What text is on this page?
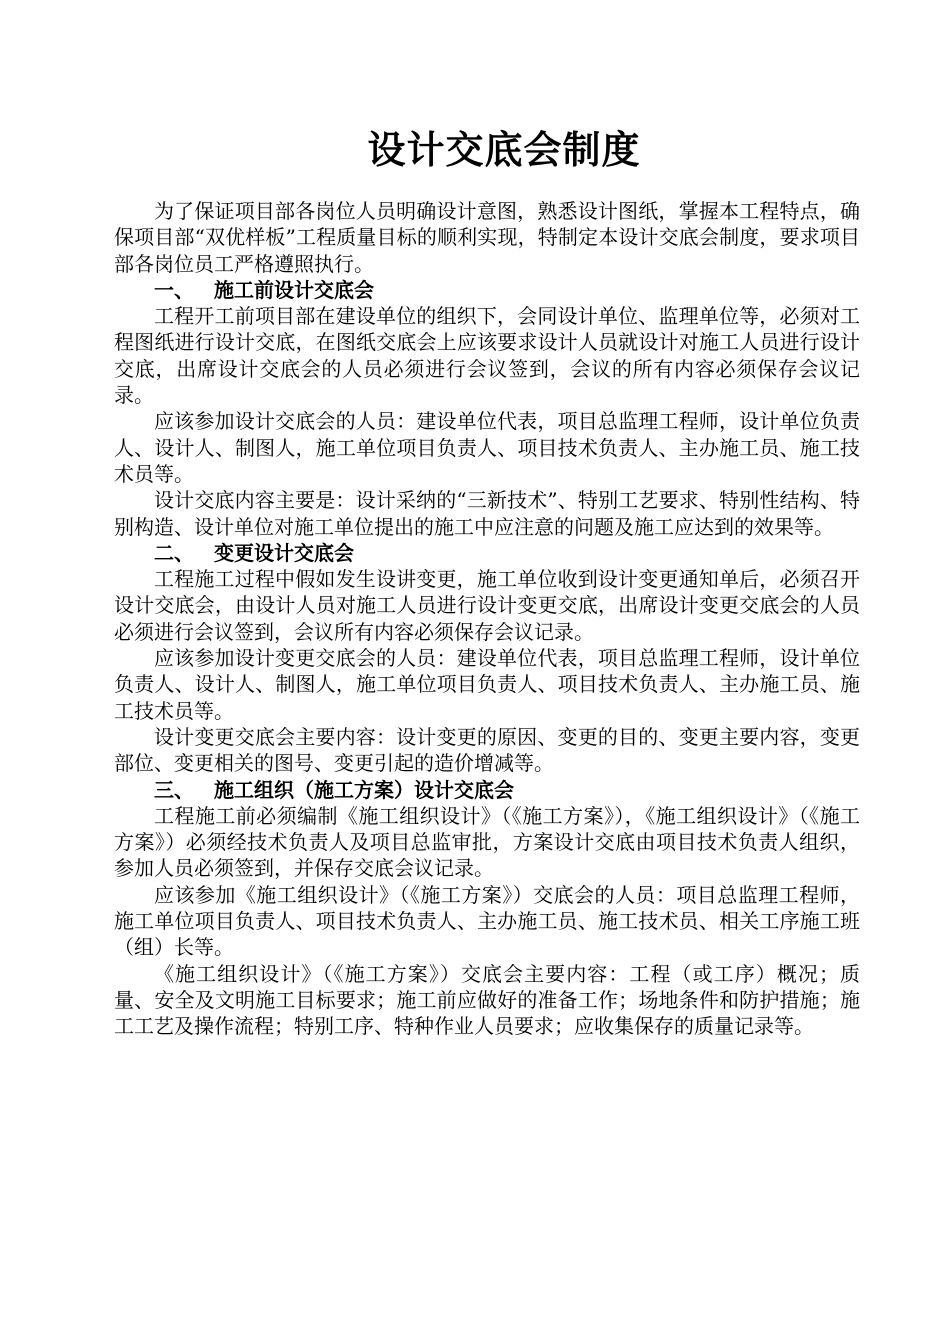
设计交底会制度

为了保证项目部各岗位人员明确设计意图，熟悉设计图纸，掌握本工程特点，确保项目部“双优样板”工程质量目标的顺利实现，特制定本设计交底会制度，要求项目部各岗位员工严格遵照执行。

一、 施工前设计交底会

工程开工前项目部在建设单位的组织下，会同设计单位、监理单位等，必须对工程图纸进行设计交底，在图纸交底会上应该要求设计人员就设计对施工人员进行设计交底，出席设计交底会的人员必须进行会议签到，会议的所有内容必须保存会议记录。

应该参加设计交底会的人员：建设单位代表，项目总监理工程师，设计单位负责人、设计人、制图人，施工单位项目负责人、项目技术负责人、主办施工员、施工技术员等。

设计交底内容主要是：设计采纳的“三新技术”、特别工艺要求、特别性结构、特别构造、设计单位对施工单位提出的施工中应注意的问题及施工应达到的效果等。

二、 变更设计交底会

工程施工过程中假如发生设讲变更，施工单位收到设计变更通知单后，必须召开设计交底会，由设计人员对施工人员进行设计变更交底，出席设计变更交底会的人员必须进行会议签到，会议所有内容必须保存会议记录。

应该参加设计变更交底会的人员：建设单位代表，项目总监理工程师，设计单位负责人、设计人、制图人，施工单位项目负责人、项目技术负责人、主办施工员、施工技术员等。

设计变更交底会主要内容：设计变更的原因、变更的目的、变更主要内容，变更部位、变更相关的图号、变更引起的造价增减等。

三、 施工组织（施工方案）设计交底会

工程施工前必须编制《施工组织设计》（《施工方案》），《施工组织设计》（《施工方案》）必须经技术负责人及项目总监审批，方案设计交底由项目技术负责人组织，参加人员必须签到，并保存交底会议记录。

应该参加《施工组织设计》（《施工方案》）交底会的人员：项目总监理工程师，施工单位项目负责人、项目技术负责人、主办施工员、施工技术员、相关工序施工班（组）长等。

《施工组织设计》（《施工方案》）交底会主要内容：工程（或工序）概况；质量、安全及文明施工目标要求；施工前应做好的准备工作；场地条件和防护措施；施工工艺及操作流程；特别工序、特种作业人员要求；应收集保存的质量记录等。
